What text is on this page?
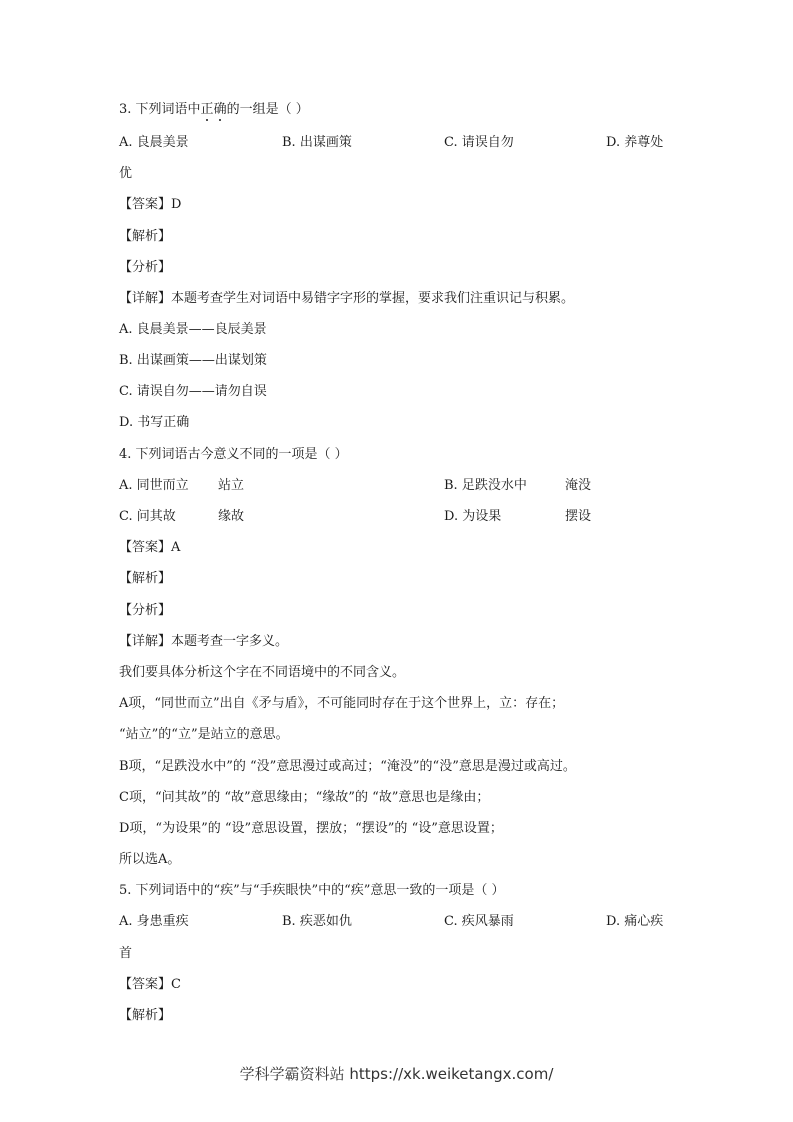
3. 下列词语中正确的一组是（ ）
A. 良晨美景	B. 出谋画策	C. 请误自勿	D. 养尊处
优
【答案】D
【解析】
【分析】
【详解】本题考查学生对词语中易错字字形的掌握，要求我们注重识记与积累。
A. 良晨美景——良辰美景
B. 出谋画策——出谋划策
C. 请误自勿——请勿自误
D. 书写正确
4. 下列词语古今意义不同的一项是（ ）
A. 同世而立 站立	B. 足跌没水中	淹没
C. 问其故	缘故	D. 为设果	摆设
【答案】A
【解析】
【分析】
【详解】本题考查一字多义。
我们要具体分析这个字在不同语境中的不同含义。
A项，“同世而立”出自《矛与盾》，不可能同时存在于这个世界上，立：存在；
“站立”的“立”是站立的意思。
B项，“足跌没水中”的 “没”意思漫过或高过；“淹没”的“没”意思是漫过或高过。
C项，“问其故”的 “故”意思缘由；“缘故”的 “故”意思也是缘由；
D项，“为设果”的 “设”意思设置，摆放；“摆设”的 “设”意思设置；
所以选A。
5. 下列词语中的“疾”与“手疾眼快”中的“疾”意思一致的一项是（ ）
A. 身患重疾	B. 疾恶如仇	C. 疾风暴雨	D. 痛心疾
首
【答案】C
【解析】
学科学霸资料站 https://xk.weiketangx.com/
